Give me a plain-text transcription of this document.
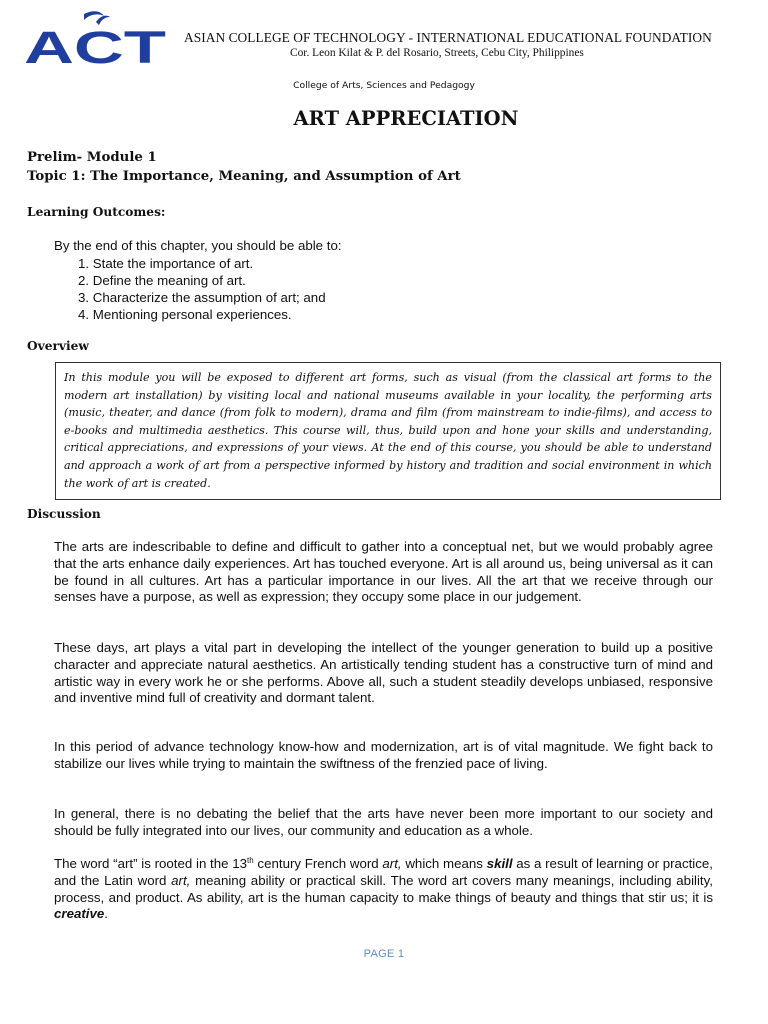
ACT ASIAN COLLEGE OF TECHNOLOGY - INTERNATIONAL EDUCATIONAL FOUNDATION
Cor. Leon Kilat & P. del Rosario, Streets, Cebu City, Philippines
College of Arts, Sciences and Pedagogy
ART APPRECIATION
Prelim- Module 1
Topic 1: The Importance, Meaning, and Assumption of Art
Learning Outcomes:
By the end of this chapter, you should be able to:
1. State the importance of art.
2. Define the meaning of art.
3. Characterize the assumption of art; and
4. Mentioning personal experiences.
Overview
In this module you will be exposed to different art forms, such as visual (from the classical art forms to the modern art installation) by visiting local and national museums available in your locality, the performing arts (music, theater, and dance (from folk to modern), drama and film (from mainstream to indie-films), and access to e-books and multimedia aesthetics. This course will, thus, build upon and hone your skills and understanding, critical appreciations, and expressions of your views. At the end of this course, you should be able to understand and approach a work of art from a perspective informed by history and tradition and social environment in which the work of art is created.
Discussion

The arts are indescribable to define and difficult to gather into a conceptual net, but we would probably agree that the arts enhance daily experiences. Art has touched everyone. Art is all around us, being universal as it can be found in all cultures. Art has a particular importance in our lives. All the art that we receive through our senses have a purpose, as well as expression; they occupy some place in our judgement.

These days, art plays a vital part in developing the intellect of the younger generation to build up a positive character and appreciate natural aesthetics. An artistically tending student has a constructive turn of mind and artistic way in every work he or she performs. Above all, such a student steadily develops unbiased, responsive and inventive mind full of creativity and dormant talent.

In this period of advance technology know-how and modernization, art is of vital magnitude. We fight back to stabilize our lives while trying to maintain the swiftness of the frenzied pace of living.

In general, there is no debating the belief that the arts have never been more important to our society and should be fully integrated into our lives, our community and education as a whole.

The word “art” is rooted in the 13th century French word art, which means skill as a result of learning or practice, and the Latin word art, meaning ability or practical skill. The word art covers many meanings, including ability, process, and product. As ability, art is the human capacity to make things of beauty and things that stir us; it is creative.

PAGE 1
